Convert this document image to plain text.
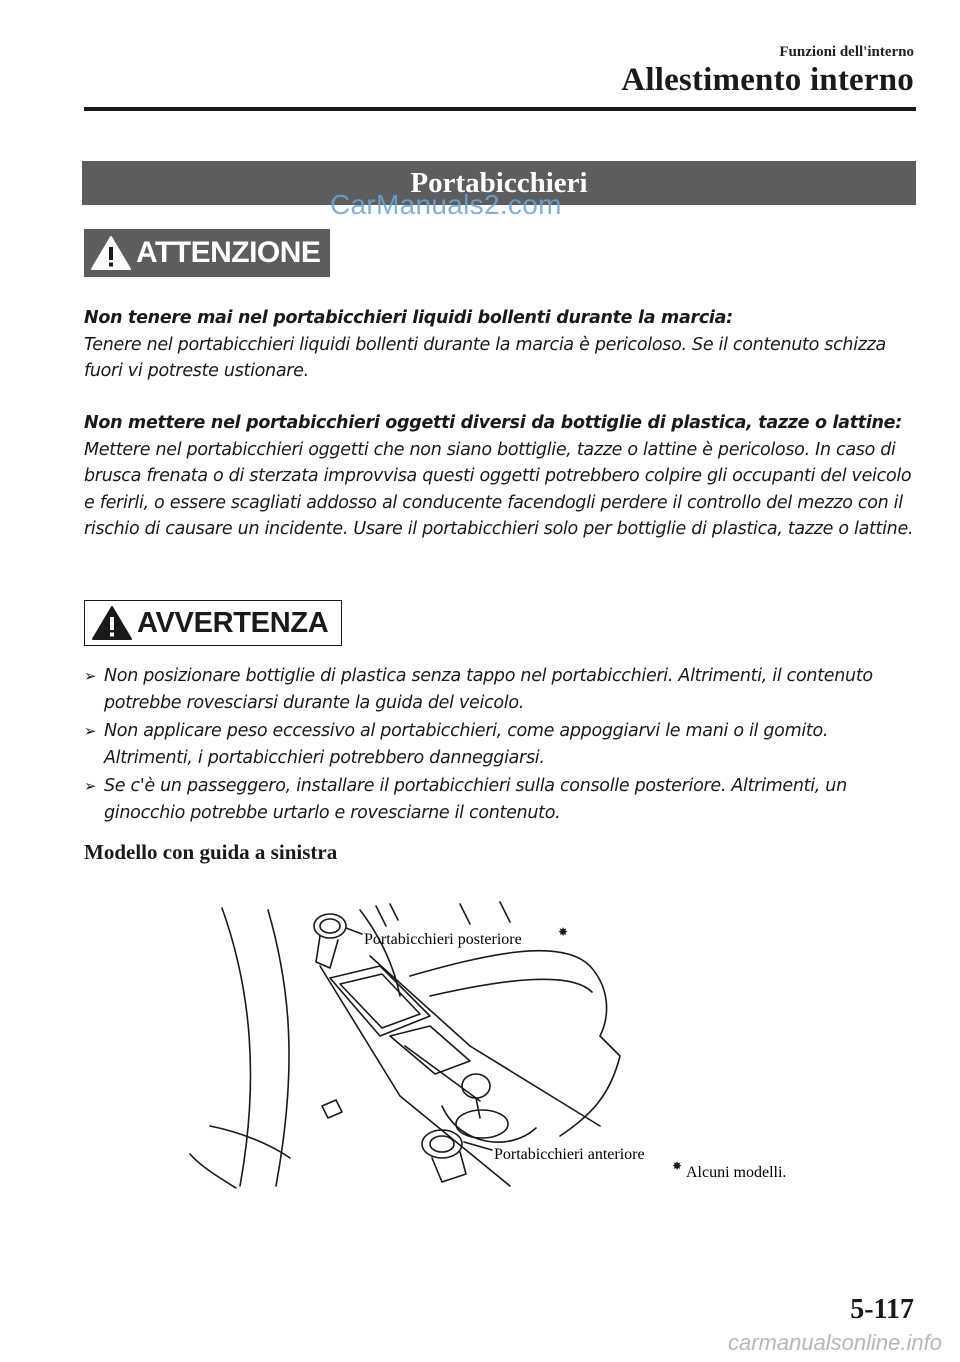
Funzioni dell'interno
Allestimento interno
Portabicchieri
CarManuals2.com
ATTENZIONE
Non tenere mai nel portabicchieri liquidi bollenti durante la marcia:
Tenere nel portabicchieri liquidi bollenti durante la marcia è pericoloso. Se il contenuto schizza fuori vi potreste ustionare.
Non mettere nel portabicchieri oggetti diversi da bottiglie di plastica, tazze o lattine:
Mettere nel portabicchieri oggetti che non siano bottiglie, tazze o lattine è pericoloso. In caso di brusca frenata o di sterzata improvvisa questi oggetti potrebbero colpire gli occupanti del veicolo e ferirli, o essere scagliati addosso al conducente facendogli perdere il controllo del mezzo con il rischio di causare un incidente. Usare il portabicchieri solo per bottiglie di plastica, tazze o lattine.
AVVERTENZA
➢ Non posizionare bottiglie di plastica senza tappo nel portabicchieri. Altrimenti, il contenuto potrebbe rovesciarsi durante la guida del veicolo.
➢ Non applicare peso eccessivo al portabicchieri, come appoggiarvi le mani o il gomito. Altrimenti, i portabicchieri potrebbero danneggiarsi.
➢ Se c'è un passeggero, installare il portabicchieri sulla consolle posteriore. Altrimenti, un ginocchio potrebbe urtarlo e rovesciarne il contenuto.
Modello con guida a sinistra
Portabicchieri posteriore	✸
Portabicchieri anteriore
✸ Alcuni modelli.
5-117
carmanualsonline.info
